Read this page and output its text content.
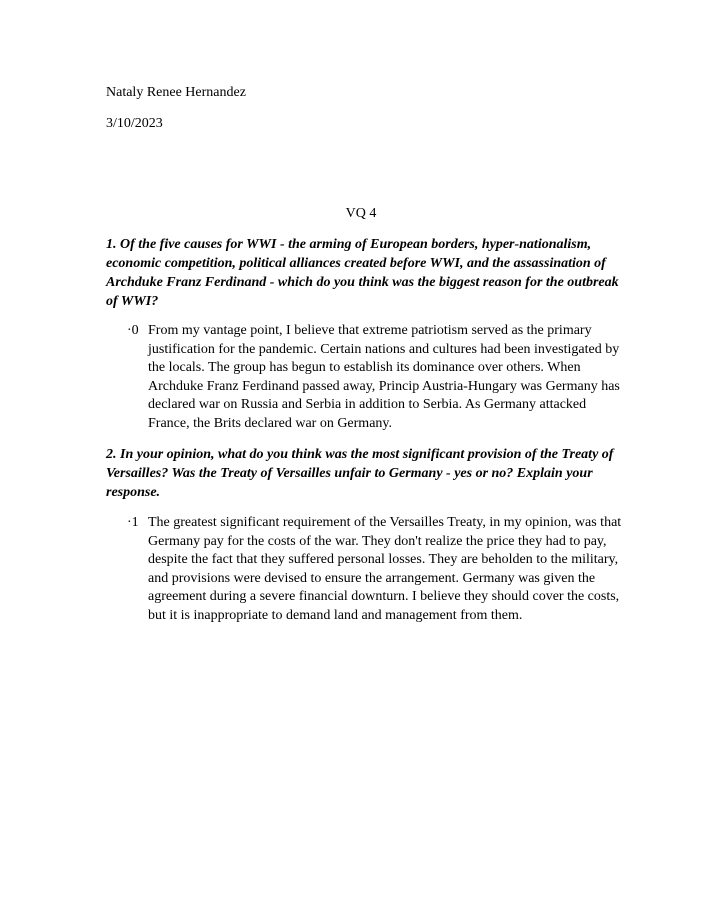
Nataly Renee Hernandez
3/10/2023
VQ 4
1. Of the five causes for WWI - the arming of European borders, hyper-nationalism, economic competition, political alliances created before WWI, and the assassination of Archduke Franz Ferdinand - which do you think was the biggest reason for the outbreak of WWI?
·0 From my vantage point, I believe that extreme patriotism served as the primary justification for the pandemic. Certain nations and cultures had been investigated by the locals. The group has begun to establish its dominance over others. When Archduke Franz Ferdinand passed away, Princip Austria-Hungary was Germany has declared war on Russia and Serbia in addition to Serbia. As Germany attacked France, the Brits declared war on Germany.
2. In your opinion, what do you think was the most significant provision of the Treaty of Versailles? Was the Treaty of Versailles unfair to Germany - yes or no? Explain your response.
·1 The greatest significant requirement of the Versailles Treaty, in my opinion, was that Germany pay for the costs of the war. They don't realize the price they had to pay, despite the fact that they suffered personal losses. They are beholden to the military, and provisions were devised to ensure the arrangement. Germany was given the agreement during a severe financial downturn. I believe they should cover the costs, but it is inappropriate to demand land and management from them.
